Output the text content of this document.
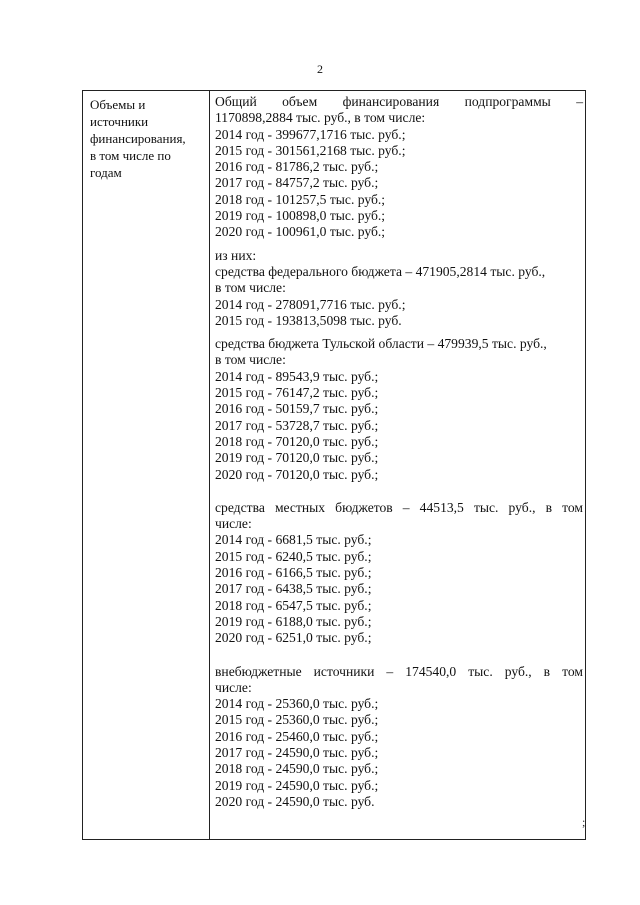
2
Объемы и
источники
финансирования,
в том числе по
годам
Общий объем финансирования подпрограммы –
1170898,2884 тыс. руб., в том числе:
2014 год - 399677,1716 тыс. руб.;
2015 год - 301561,2168 тыс. руб.;
2016 год - 81786,2 тыс. руб.;
2017 год - 84757,2 тыс. руб.;
2018 год - 101257,5 тыс. руб.;
2019 год - 100898,0 тыс. руб.;
2020 год - 100961,0 тыс. руб.;
из них:
средства федерального бюджета – 471905,2814 тыс. руб.,
в том числе:
2014 год - 278091,7716 тыс. руб.;
2015 год - 193813,5098 тыс. руб.
средства бюджета Тульской области – 479939,5 тыс. руб.,
в том числе:
2014 год - 89543,9 тыс. руб.;
2015 год - 76147,2 тыс. руб.;
2016 год - 50159,7 тыс. руб.;
2017 год - 53728,7 тыс. руб.;
2018 год - 70120,0 тыс. руб.;
2019 год - 70120,0 тыс. руб.;
2020 год - 70120,0 тыс. руб.;
средства местных бюджетов – 44513,5 тыс. руб., в том
числе:
2014 год - 6681,5 тыс. руб.;
2015 год - 6240,5 тыс. руб.;
2016 год - 6166,5 тыс. руб.;
2017 год - 6438,5 тыс. руб.;
2018 год - 6547,5 тыс. руб.;
2019 год - 6188,0 тыс. руб.;
2020 год - 6251,0 тыс. руб.;
внебюджетные источники – 174540,0 тыс. руб., в том
числе:
2014 год - 25360,0 тыс. руб.;
2015 год - 25360,0 тыс. руб.;
2016 год - 25460,0 тыс. руб.;
2017 год - 24590,0 тыс. руб.;
2018 год - 24590,0 тыс. руб.;
2019 год - 24590,0 тыс. руб.;
2020 год - 24590,0 тыс. руб.
;
